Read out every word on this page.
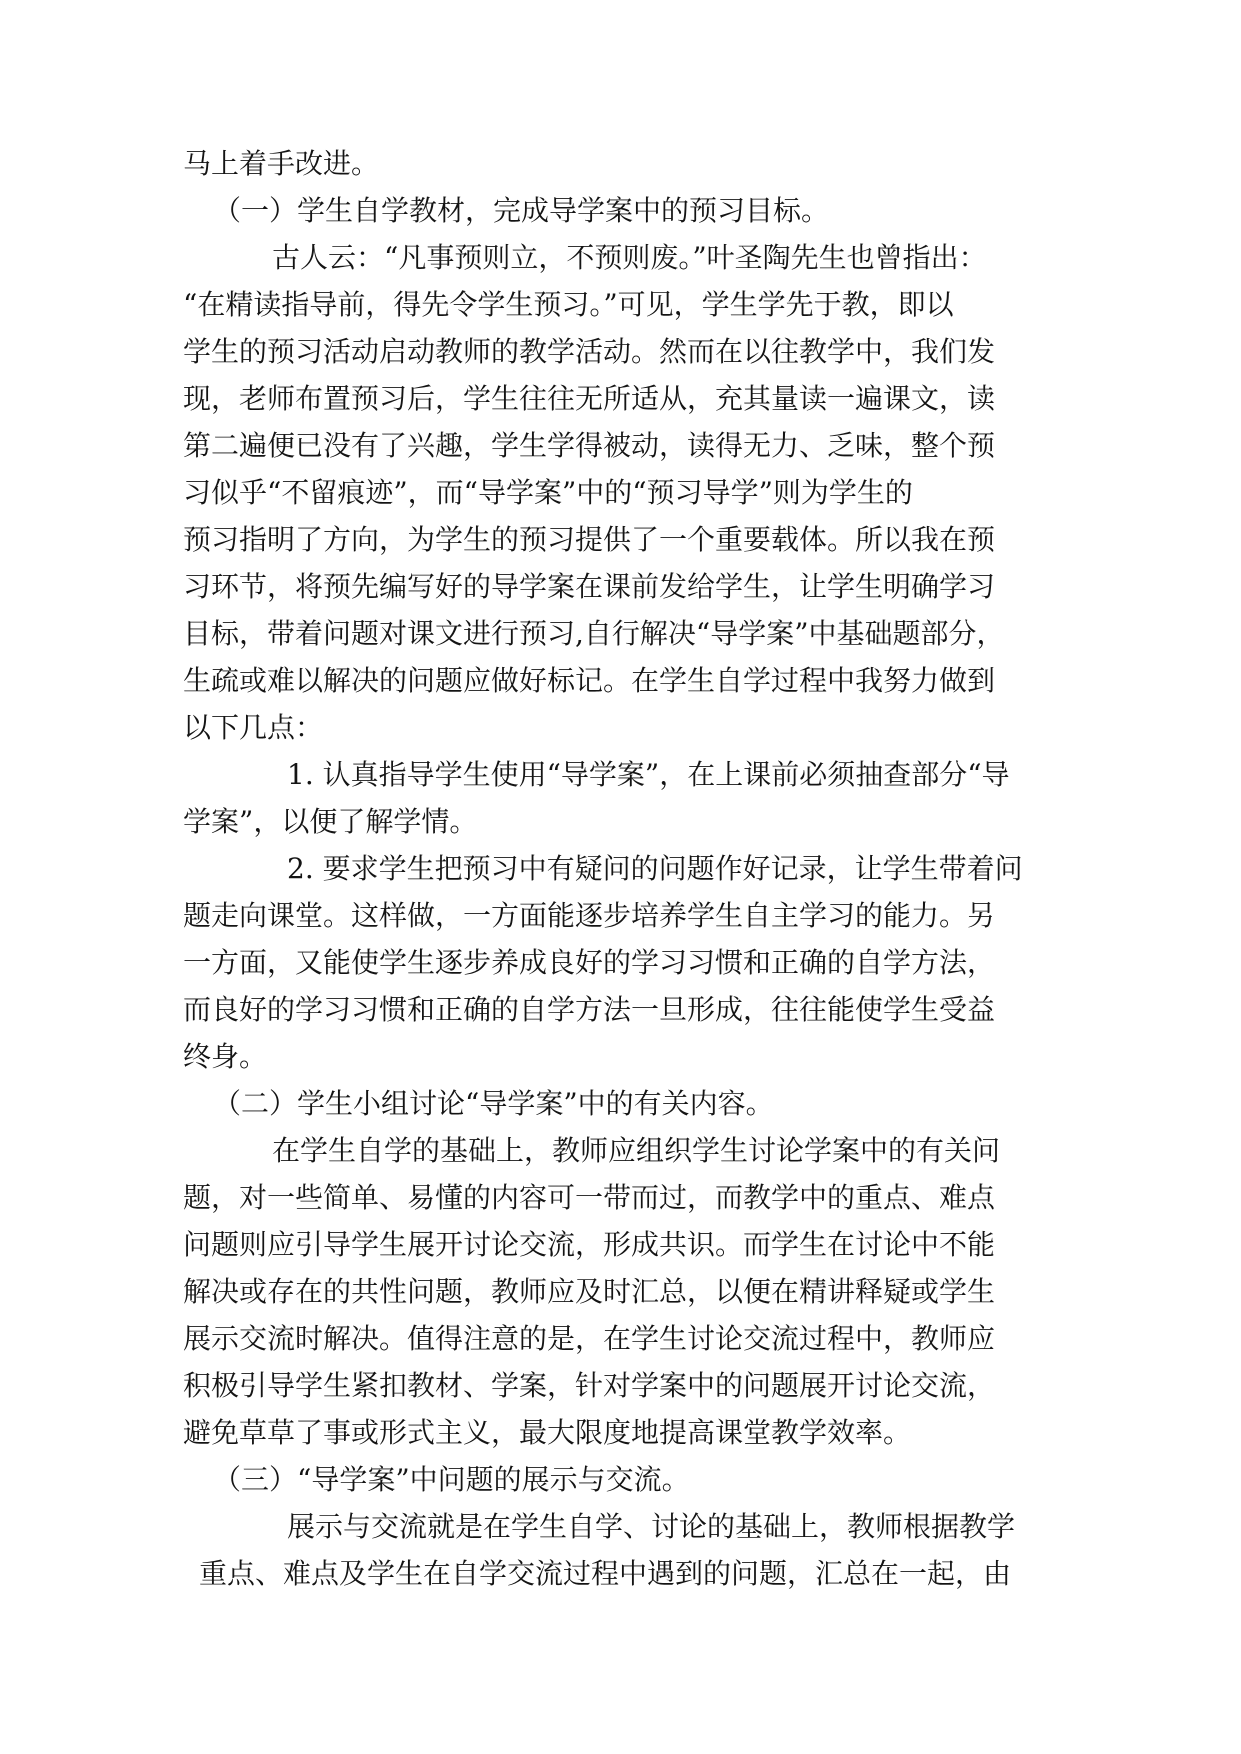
马上着手改进。

（一）学生自学教材，完成导学案中的预习目标。

古人云：“凡事预则立，不预则废。”叶圣陶先生也曾指出：

“在精读指导前，得先令学生预习。”可见，学生学先于教，即以

学生的预习活动启动教师的教学活动。然而在以往教学中，我们发

现，老师布置预习后，学生往往无所适从，充其量读一遍课文，读

第二遍便已没有了兴趣，学生学得被动，读得无力、乏味，整个预

习似乎“不留痕迹”，而“导学案”中的“预习导学”则为学生的

预习指明了方向，为学生的预习提供了一个重要载体。所以我在预

习环节，将预先编写好的导学案在课前发给学生，让学生明确学习

目标，带着问题对课文进行预习,自行解决“导学案”中基础题部分，

生疏或难以解决的问题应做好标记。在学生自学过程中我努力做到

以下几点：

1. 认真指导学生使用“导学案”，在上课前必须抽查部分“导

学案”，以便了解学情。

2. 要求学生把预习中有疑问的问题作好记录，让学生带着问

题走向课堂。这样做，一方面能逐步培养学生自主学习的能力。另

一方面，又能使学生逐步养成良好的学习习惯和正确的自学方法，

而良好的学习习惯和正确的自学方法一旦形成，往往能使学生受益

终身。

（二）学生小组讨论“导学案”中的有关内容。

在学生自学的基础上，教师应组织学生讨论学案中的有关问

题，对一些简单、易懂的内容可一带而过，而教学中的重点、难点

问题则应引导学生展开讨论交流，形成共识。而学生在讨论中不能

解决或存在的共性问题，教师应及时汇总，以便在精讲释疑或学生

展示交流时解决。值得注意的是，在学生讨论交流过程中，教师应

积极引导学生紧扣教材、学案，针对学案中的问题展开讨论交流，

避免草草了事或形式主义，最大限度地提高课堂教学效率。

（三）“导学案”中问题的展示与交流。

展示与交流就是在学生自学、讨论的基础上，教师根据教学

重点、难点及学生在自学交流过程中遇到的问题，汇总在一起，由
